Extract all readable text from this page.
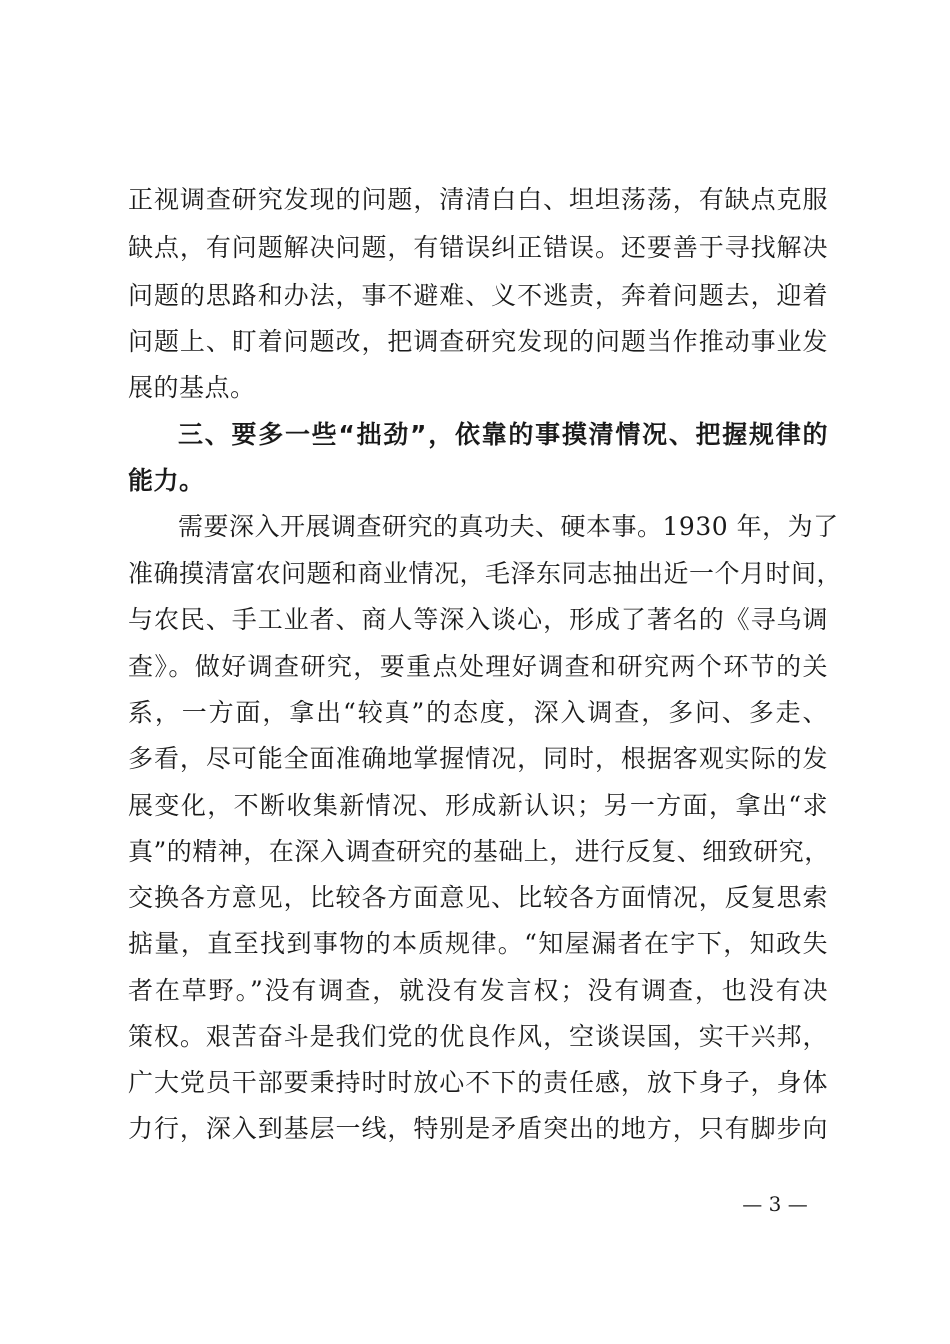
正视调查研究发现的问题，清清白白、坦坦荡荡，有缺点克服
缺点，有问题解决问题，有错误纠正错误。还要善于寻找解决
问题的思路和办法，事不避难、义不逃责，奔着问题去，迎着
问题上、盯着问题改，把调查研究发现的问题当作推动事业发
展的基点。
三、要多一些“拙劲”，依靠的事摸清情况、把握规律的
能力。
需要深入开展调查研究的真功夫、硬本事。1930 年，为了
准确摸清富农问题和商业情况，毛泽东同志抽出近一个月时间，
与农民、手工业者、商人等深入谈心，形成了著名的《寻乌调
查》。做好调查研究，要重点处理好调查和研究两个环节的关
系，一方面，拿出“较真”的态度，深入调查，多问、多走、
多看，尽可能全面准确地掌握情况，同时，根据客观实际的发
展变化，不断收集新情况、形成新认识；另一方面，拿出“求
真”的精神，在深入调查研究的基础上，进行反复、细致研究，
交换各方意见，比较各方面意见、比较各方面情况，反复思索
掂量，直至找到事物的本质规律。“知屋漏者在宇下，知政失
者在草野。”没有调查，就没有发言权；没有调查，也没有决
策权。艰苦奋斗是我们党的优良作风，空谈误国，实干兴邦，
广大党员干部要秉持时时放心不下的责任感，放下身子，身体
力行，深入到基层一线，特别是矛盾突出的地方，只有脚步向
— 3 —
